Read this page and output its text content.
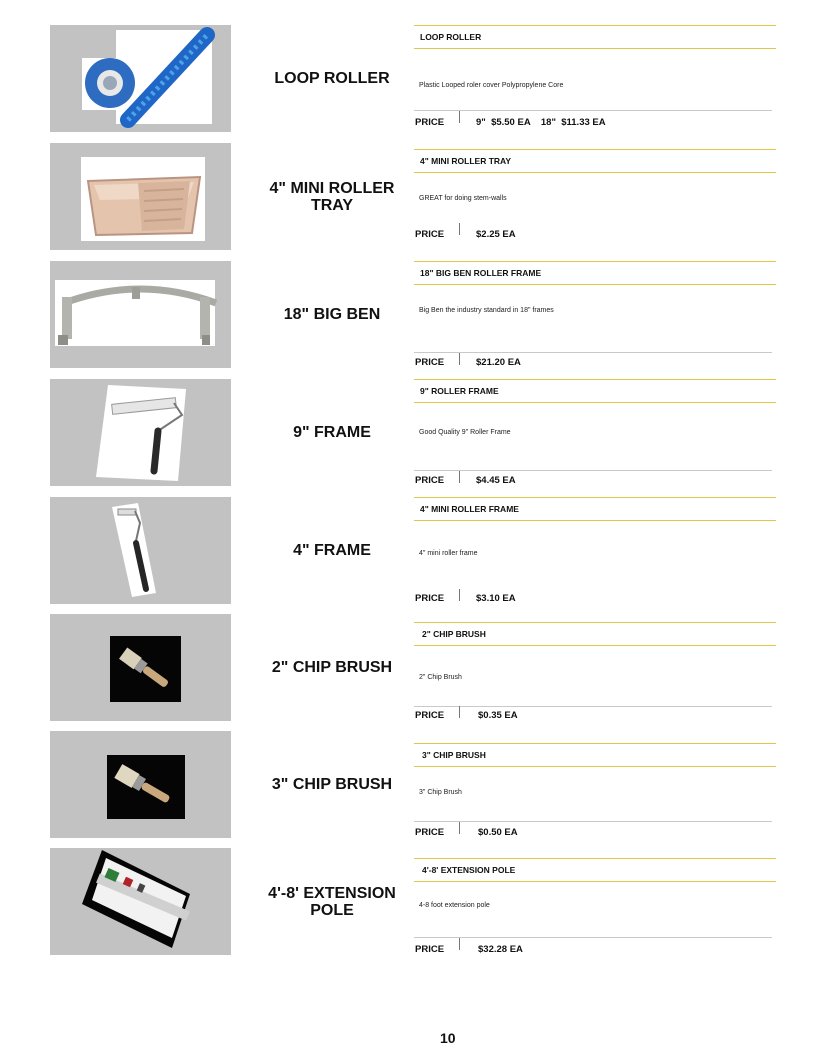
LOOP ROLLER
LOOP ROLLER
Plastic Looped roler cover Polypropylene Core
PRICE	9"  $5.50 EA    18"  $11.33 EA
4" MINI ROLLER TRAY
4" MINI ROLLER TRAY
GREAT for doing stem-walls
PRICE	$2.25 EA
18" BIG BEN
18" BIG BEN ROLLER FRAME
Big Ben the industry standard in 18" frames
PRICE	$21.20 EA
9" FRAME
9" ROLLER FRAME
Good Quality 9" Roller Frame
PRICE	$4.45 EA
4" FRAME
4" MINI ROLLER FRAME
4" mini roller frame
PRICE	$3.10 EA
2" CHIP BRUSH
2" CHIP BRUSH
2" Chip Brush
PRICE	$0.35 EA
3" CHIP BRUSH
3" CHIP BRUSH
3" Chip Brush
PRICE	$0.50 EA
4'-8' EXTENSION POLE
4'-8' EXTENSION POLE
4-8 foot extension pole
PRICE	$32.28 EA
10
